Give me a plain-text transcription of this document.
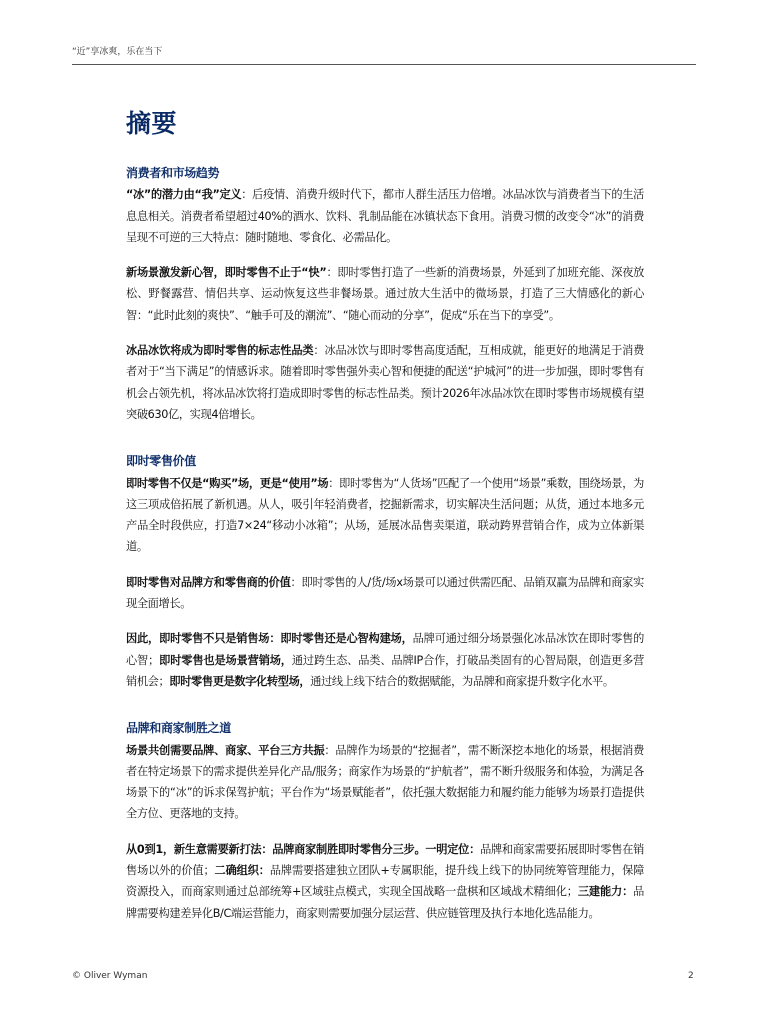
“近”享冰爽，乐在当下
摘要
消费者和市场趋势

“冰”的潜力由“我”定义：后疫情、消费升级时代下，都市人群生活压力倍增。冰品冰饮与消费者当下的生活息息相关。消费者希望超过40%的酒水、饮料、乳制品能在冰镇状态下食用。消费习惯的改变令“冰”的消费呈现不可逆的三大特点：随时随地、零食化、必需品化。

新场景激发新心智，即时零售不止于“快”：即时零售打造了一些新的消费场景，外延到了加班充能、深夜放松、野餐露营、情侣共享、运动恢复这些非餐场景。通过放大生活中的微场景，打造了三大情感化的新心智：“此时此刻的爽快”、“触手可及的潮流”、“随心而动的分享”，促成“乐在当下的享受”。

冰品冰饮将成为即时零售的标志性品类：冰品冰饮与即时零售高度适配，互相成就，能更好的地满足于消费者对于“当下满足”的情感诉求。随着即时零售强外卖心智和便捷的配送“护城河”的进一步加强，即时零售有机会占领先机，将冰品冰饮将打造成即时零售的标志性品类。预计2026年冰品冰饮在即时零售市场规模有望突破630亿，实现4倍增长。

即时零售价值

即时零售不仅是“购买”场，更是“使用”场：即时零售为“人货场”匹配了一个使用“场景”乘数，围绕场景，为这三项成倍拓展了新机遇。从人，吸引年轻消费者，挖掘新需求，切实解决生活问题；从货，通过本地多元产品全时段供应，打造7×24“移动小冰箱”；从场，延展冰品售卖渠道，联动跨界营销合作，成为立体新渠道。

即时零售对品牌方和零售商的价值：即时零售的人/货/场x场景可以通过供需匹配、品销双赢为品牌和商家实现全面增长。

因此，即时零售不只是销售场：即时零售还是心智构建场，品牌可通过细分场景强化冰品冰饮在即时零售的心智；即时零售也是场景营销场，通过跨生态、品类、品牌IP合作，打破品类固有的心智局限，创造更多营销机会；即时零售更是数字化转型场，通过线上线下结合的数据赋能，为品牌和商家提升数字化水平。

品牌和商家制胜之道

场景共创需要品牌、商家、平台三方共振：品牌作为场景的“挖掘者”，需不断深挖本地化的场景，根据消费者在特定场景下的需求提供差异化产品/服务；商家作为场景的“护航者”，需不断升级服务和体验，为满足各场景下的“冰”的诉求保驾护航；平台作为“场景赋能者”，依托强大数据能力和履约能力能够为场景打造提供全方位、更落地的支持。

从0到1，新生意需要新打法：品牌商家制胜即时零售分三步。一明定位：品牌和商家需要拓展即时零售在销售场以外的价值；二确组织：品牌需要搭建独立团队+专属职能，提升线上线下的协同统筹管理能力，保障资源投入，而商家则通过总部统筹+区域驻点模式，实现全国战略一盘棋和区域战术精细化；三建能力：品牌需要构建差异化B/C端运营能力，商家则需要加强分层运营、供应链管理及执行本地化选品能力。

© Oliver Wyman	2
